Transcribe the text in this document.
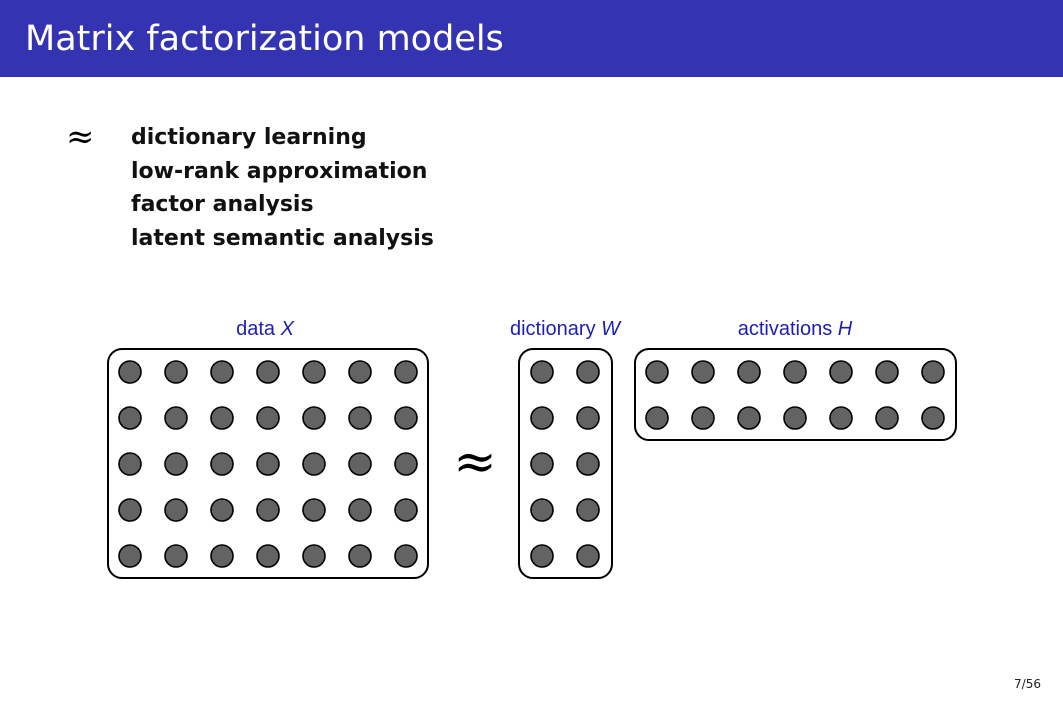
Matrix factorization models
≈ dictionary learning
low-rank approximation
factor analysis
latent semantic analysis
data X	dictionary W	activations H
≈
7/56
